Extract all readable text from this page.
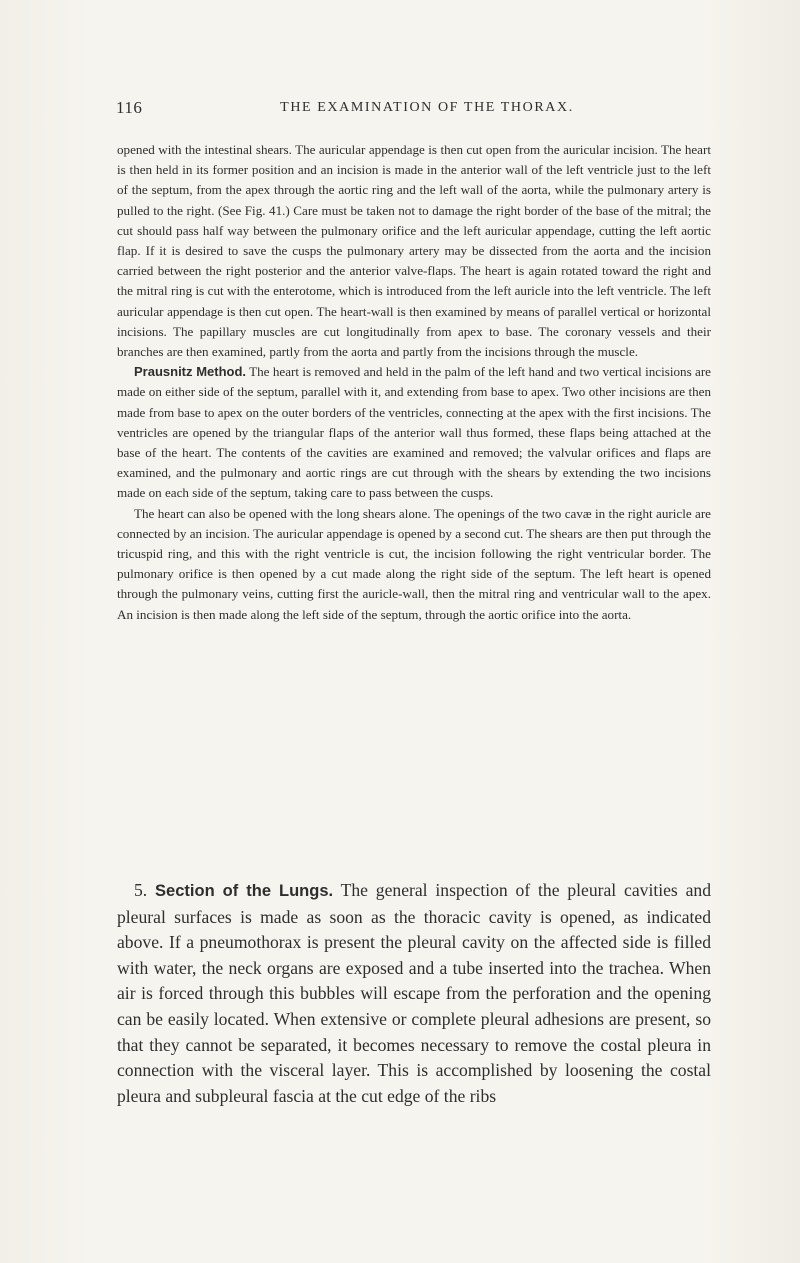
116	THE EXAMINATION OF THE THORAX.

opened with the intestinal shears. The auricular appendage is then cut open from the auricular incision. The heart is then held in its former position and an incision is made in the anterior wall of the left ventricle just to the left of the septum, from the apex through the aortic ring and the left wall of the aorta, while the pulmonary artery is pulled to the right. (See Fig. 41.) Care must be taken not to damage the right border of the base of the mitral; the cut should pass half way between the pulmonary orifice and the left auricular appendage, cutting the left aortic flap. If it is desired to save the cusps the pulmonary artery may be dissected from the aorta and the incision carried between the right posterior and the anterior valve-flaps. The heart is again rotated toward the right and the mitral ring is cut with the enterotome, which is introduced from the left auricle into the left ventricle. The left auricular appendage is then cut open. The heart-wall is then examined by means of parallel vertical or horizontal incisions. The papillary muscles are cut longitudinally from apex to base. The coronary vessels and their branches are then examined, partly from the aorta and partly from the incisions through the muscle.

Prausnitz Method. The heart is removed and held in the palm of the left hand and two vertical incisions are made on either side of the septum, parallel with it, and extending from base to apex. Two other incisions are then made from base to apex on the outer borders of the ventricles, connecting at the apex with the first incisions. The ventricles are opened by the triangular flaps of the anterior wall thus formed, these flaps being attached at the base of the heart. The contents of the cavities are examined and removed; the valvular orifices and flaps are examined, and the pulmonary and aortic rings are cut through with the shears by extending the two incisions made on each side of the septum, taking care to pass between the cusps.

The heart can also be opened with the long shears alone. The openings of the two cavæ in the right auricle are connected by an incision. The auricular appendage is opened by a second cut. The shears are then put through the tricuspid ring, and this with the right ventricle is cut, the incision following the right ventricular border. The pulmonary orifice is then opened by a cut made along the right side of the septum. The left heart is opened through the pulmonary veins, cutting first the auricle-wall, then the mitral ring and ventricular wall to the apex. An incision is then made along the left side of the septum, through the aortic orifice into the aorta.

5. Section of the Lungs. The general inspection of the pleural cavities and pleural surfaces is made as soon as the thoracic cavity is opened, as indicated above. If a pneumothorax is present the pleural cavity on the affected side is filled with water, the neck organs are exposed and a tube inserted into the trachea. When air is forced through this bubbles will escape from the perforation and the opening can be easily located. When extensive or complete pleural adhesions are present, so that they cannot be separated, it becomes necessary to remove the costal pleura in connection with the visceral layer. This is accomplished by loosening the costal pleura and subpleural fascia at the cut edge of the ribs
